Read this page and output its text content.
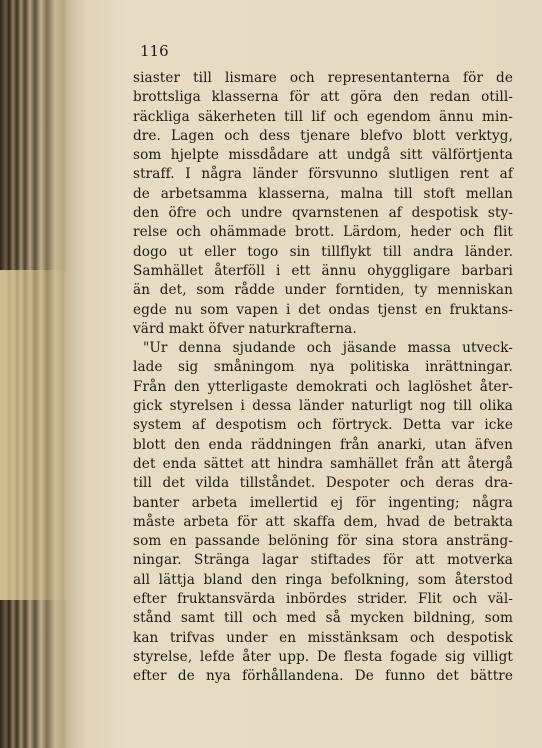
116
siaster till lismare och representanterna för de
brottsliga klasserna för att göra den redan otill-
räckliga säkerheten till lif och egendom ännu min-
dre. Lagen och dess tjenare blefvo blott verktyg,
som hjelpte missdådare att undgå sitt välförtjenta
straff. I några länder försvunno slutligen rent af
de arbetsamma klasserna, malna till stoft mellan
den öfre och undre qvarnstenen af despotisk sty-
relse och ohämmade brott. Lärdom, heder och flit
dogo ut eller togo sin tillflykt till andra länder.
Samhället återföll i ett ännu ohyggligare barbari
än det, som rådde under forntiden, ty menniskan
egde nu som vapen i det ondas tjenst en fruktans-
värd makt öfver naturkrafterna.
"Ur denna sjudande och jäsande massa utveck-
lade sig småningom nya politiska inrättningar.
Från den ytterligaste demokrati och laglöshet åter-
gick styrelsen i dessa länder naturligt nog till olika
system af despotism och förtryck. Detta var icke
blott den enda räddningen från anarki, utan äfven
det enda sättet att hindra samhället från att återgå
till det vilda tillståndet. Despoter och deras dra-
banter arbeta imellertid ej för ingenting; några
måste arbeta för att skaffa dem, hvad de betrakta
som en passande belöning för sina stora ansträng-
ningar. Stränga lagar stiftades för att motverka
all lättja bland den ringa befolkning, som återstod
efter fruktansvärda inbördes strider. Flit och väl-
stånd samt till och med så mycken bildning, som
kan trifvas under en misstänksam och despotisk
styrelse, lefde åter upp. De flesta fogade sig villigt
efter de nya förhållandena. De funno det bättre
